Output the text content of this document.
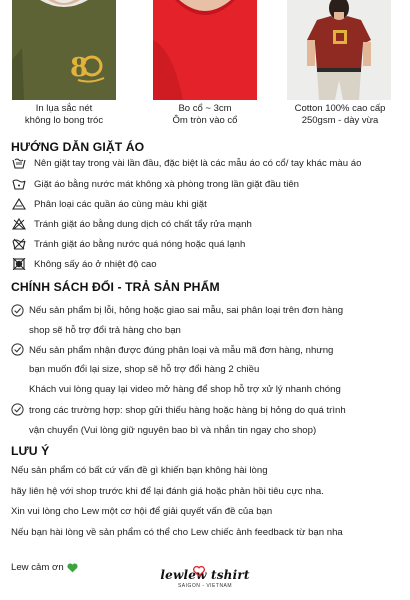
8
In lụa sắc nét
không lo bong tróc
Bo cổ ~ 3cm
Ôm tròn vào cổ
Cotton 100% cao cấp
250gsm - dày vừa
HƯỚNG DẪN GIẶT ÁO
Nên giặt tay trong vài lần đầu, đặc biệt là các mẫu áo có cổ/ tay khác màu áo
Giặt áo bằng nước mát không xà phòng trong lần giặt đầu tiên
Phân loại các quần áo cùng màu khi giặt
Tránh giặt áo bằng dung dịch có chất tẩy rửa mạnh
Tránh giặt áo bằng nước quá nóng hoặc quá lạnh
Không sấy áo ở nhiệt độ cao
CHÍNH SÁCH ĐỔI - TRẢ SẢN PHẨM
Nếu sản phẩm bị lỗi, hỏng hoặc giao sai mẫu, sai phân loại trên đơn hàng
shop sẽ hỗ trợ đổi trả hàng cho bạn
Nếu sản phẩm nhận được đúng phân loại và mẫu mã đơn hàng, nhưng
bạn muốn đổi lại size, shop sẽ hỗ trợ đổi hàng 2 chiều
Khách vui lòng quay lại video mở hàng để shop hỗ trợ xử lý nhanh chóng
trong các trường hợp: shop gửi thiếu hàng hoặc hàng bị hỏng do quá trình
vận chuyển (Vui lòng giữ nguyên bao bì và nhắn tin ngay cho shop)
LƯU Ý
Nếu sản phẩm có bất cứ vấn đề gì khiến bạn không hài lòng
hãy liên hệ với shop trước khi để lại đánh giá hoặc phản hồi tiêu cực nha.
Xin vui lòng cho Lew một cơ hội để giải quyết vấn đề của bạn
Nếu bạn hài lòng về sản phẩm có thể cho Lew chiếc ảnh feedback từ bạn nha
Lew cảm ơn
lewlew tshirt
SAIGON - VIETNAM
